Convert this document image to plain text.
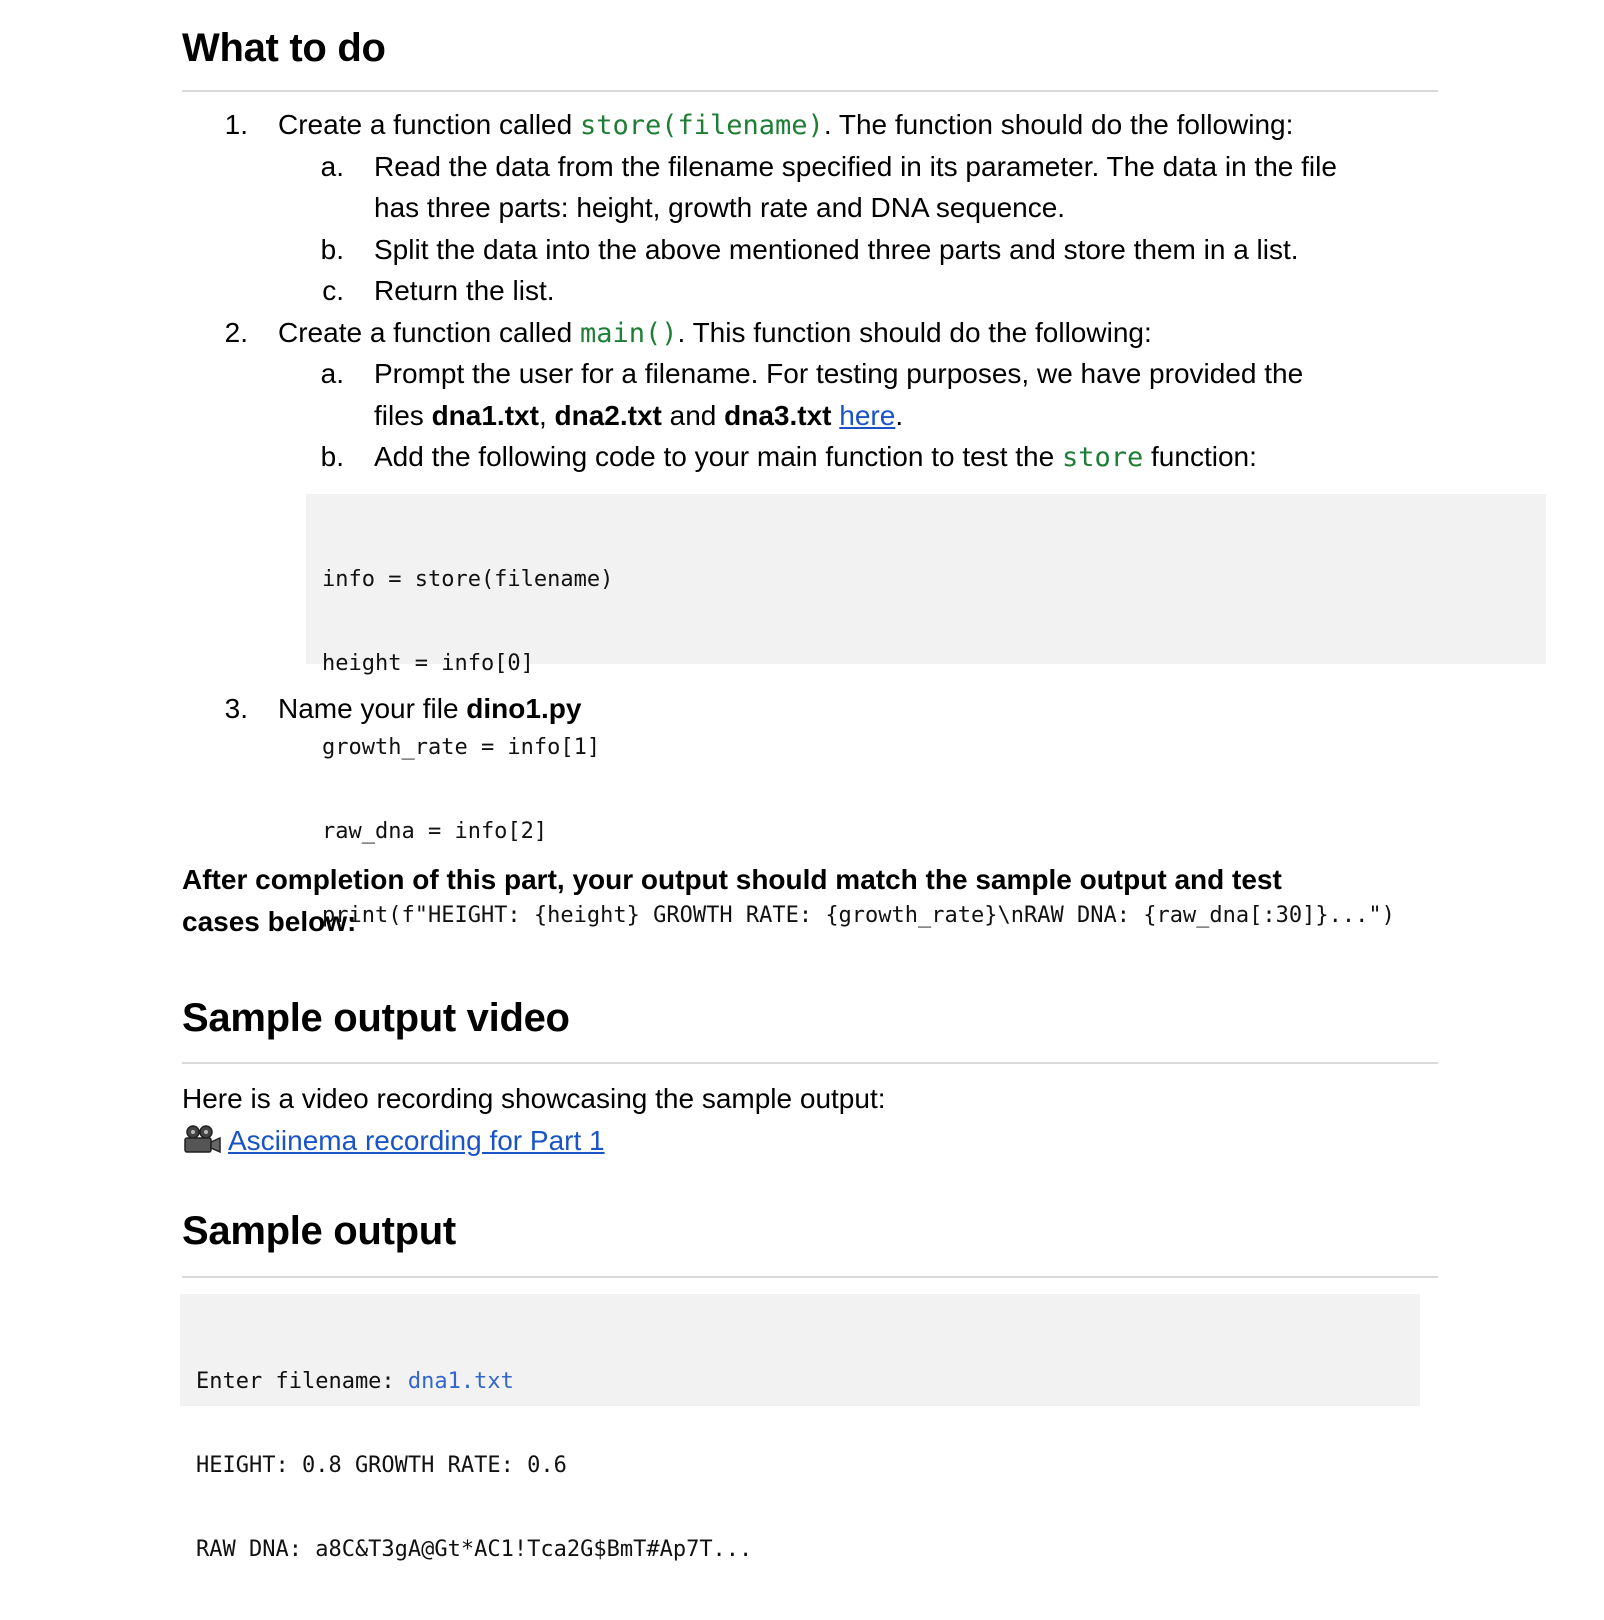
What to do
1. Create a function called store(filename). The function should do the following:
a. Read the data from the filename specified in its parameter. The data in the file
has three parts: height, growth rate and DNA sequence.
b. Split the data into the above mentioned three parts and store them in a list.
c. Return the list.
2. Create a function called main(). This function should do the following:
a. Prompt the user for a filename. For testing purposes, we have provided the
files dna1.txt, dna2.txt and dna3.txt here.
b. Add the following code to your main function to test the store function:

info = store(filename)

height = info[0]

growth_rate = info[1]

raw_dna = info[2]

print(f"HEIGHT: {height} GROWTH RATE: {growth_rate}\nRAW DNA: {raw_dna[:30]}...")

3. Name your file dino1.py
After completion of this part, your output should match the sample output and test
cases below:
Sample output video
Here is a video recording showcasing the sample output:
Asciinema recording for Part 1
Sample output

Enter filename: dna1.txt

HEIGHT: 0.8 GROWTH RATE: 0.6

RAW DNA: a8C&T3gA@Gt*AC1!Tca2G$BmT#Ap7T...
